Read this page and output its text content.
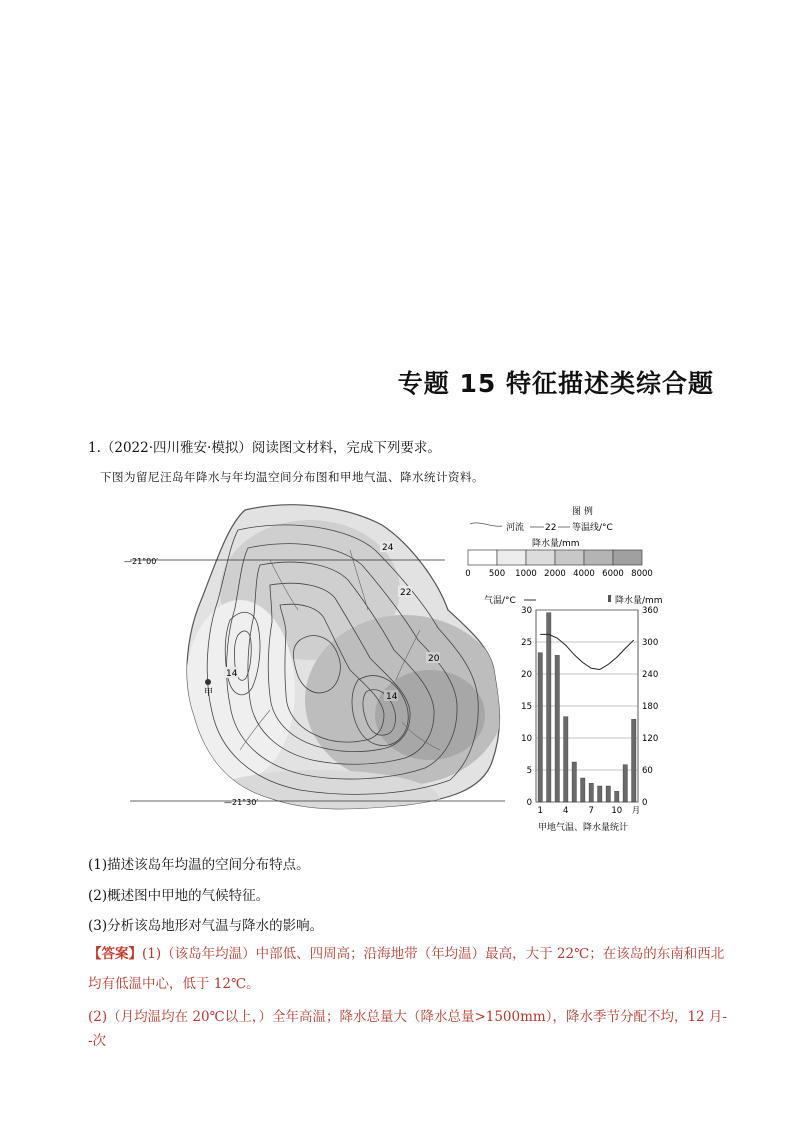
专题 15 特征描述类综合题
1.（2022·四川雅安·模拟）阅读图文材料，完成下列要求。
下图为留尼汪岛年降水与年均温空间分布图和甲地气温、降水统计资料。
—21°00′
—21°30′
24
22
20
14
14
甲
图 例
河流 22 等温线/°C
降水量/mm
0 500 1000 2000 4000 6000 8000
气温/°C	降水量/mm
0
5
10
15
20
25
30
0
60
120
180
240
300
360
1 4 7 10 月
甲地气温、降水量统计
(1)描述该岛年均温的空间分布特点。
(2)概述图中甲地的气候特征。
(3)分析该岛地形对气温与降水的影响。
【答案】(1)（该岛年均温）中部低、四周高；沿海地带（年均温）最高，大于 22℃；在该岛的东南和西北
均有低温中心，低于 12℃。
(2)（月均温均在 20℃以上，）全年高温；降水总量大（降水总量>1500mm），降水季节分配不均，12 月--次
